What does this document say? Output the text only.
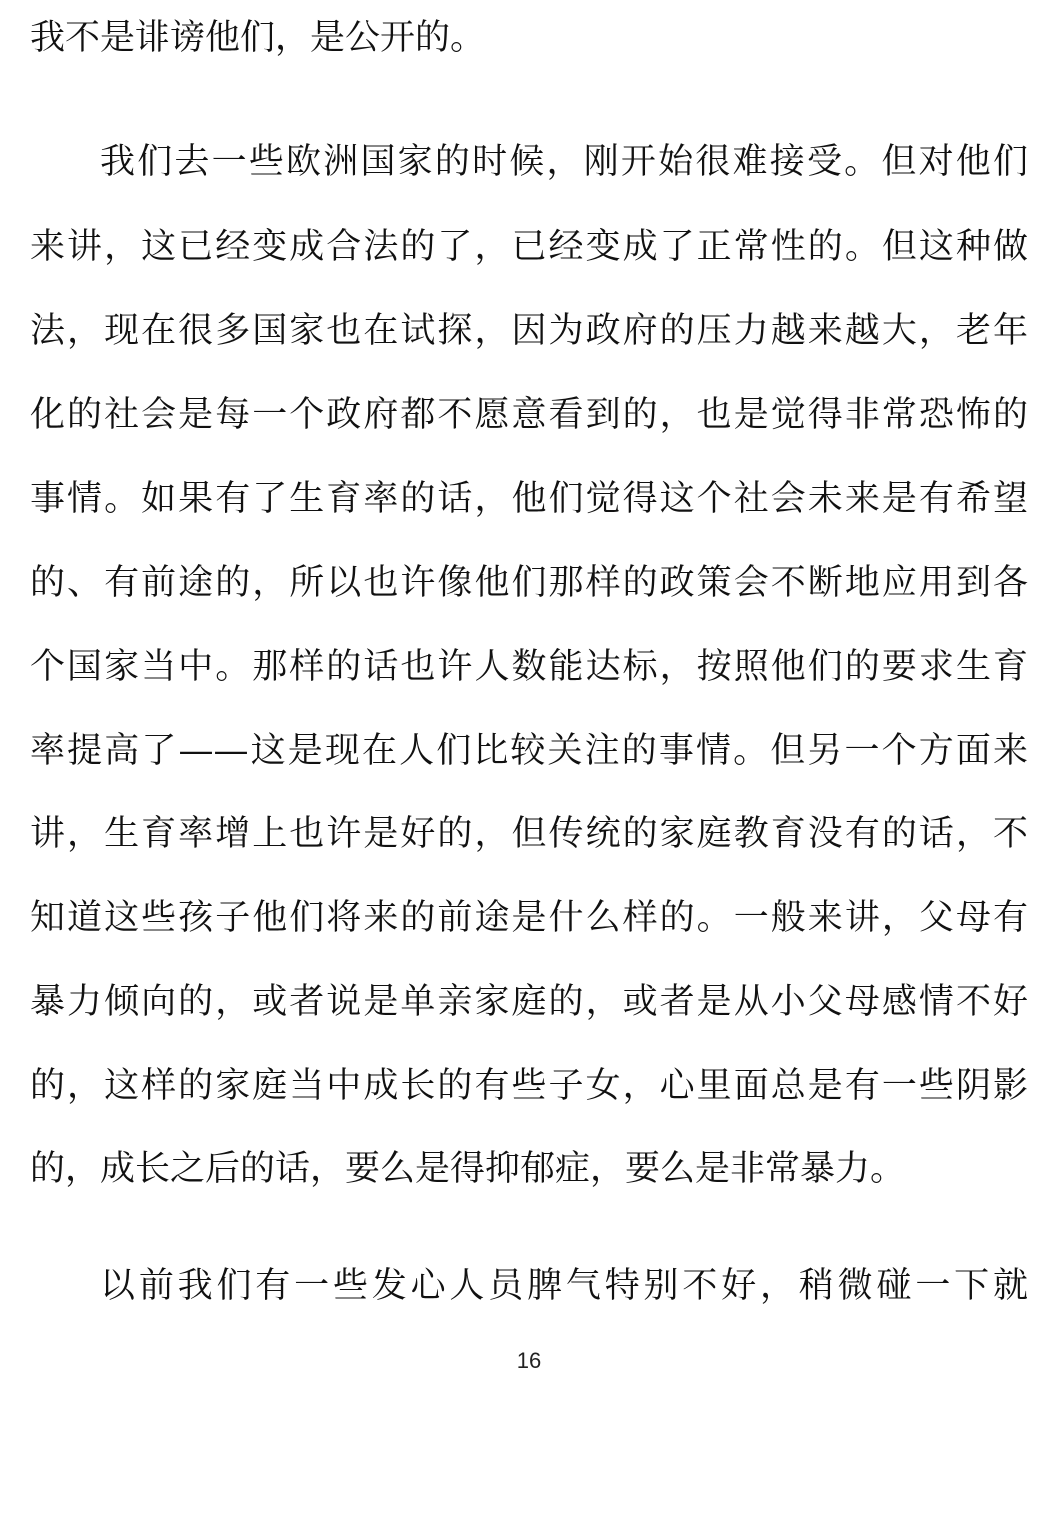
我不是诽谤他们，是公开的。
我们去一些欧洲国家的时候，刚开始很难接受。但对他们
来讲，这已经变成合法的了，已经变成了正常性的。但这种做
法，现在很多国家也在试探，因为政府的压力越来越大，老年
化的社会是每一个政府都不愿意看到的，也是觉得非常恐怖的
事情。如果有了生育率的话，他们觉得这个社会未来是有希望
的、有前途的，所以也许像他们那样的政策会不断地应用到各
个国家当中。那样的话也许人数能达标，按照他们的要求生育
率提高了——这是现在人们比较关注的事情。但另一个方面来
讲，生育率增上也许是好的，但传统的家庭教育没有的话，不
知道这些孩子他们将来的前途是什么样的。一般来讲，父母有
暴力倾向的，或者说是单亲家庭的，或者是从小父母感情不好
的，这样的家庭当中成长的有些子女，心里面总是有一些阴影
的，成长之后的话，要么是得抑郁症，要么是非常暴力。
以前我们有一些发心人员脾气特别不好，稍微碰一下就
16
